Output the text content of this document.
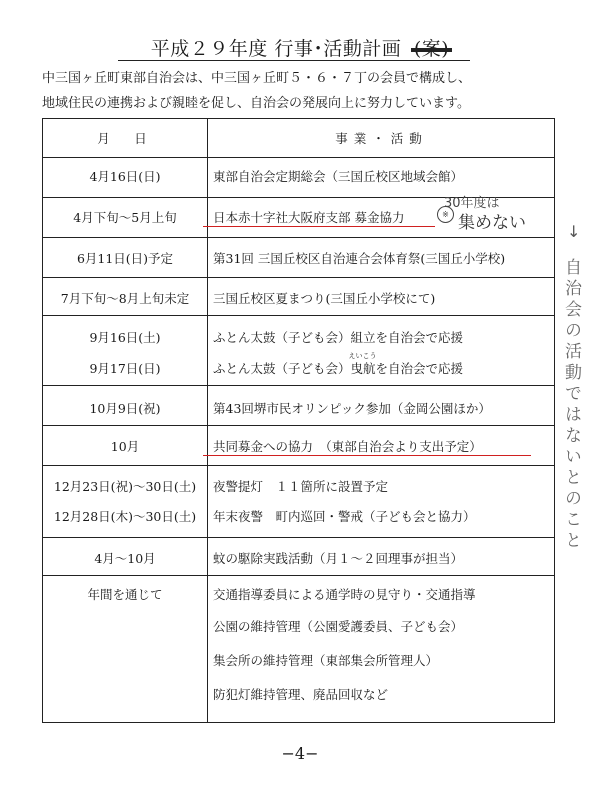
平成２９年度 行事･活動計画 (案)
中三国ヶ丘町東部自治会は、中三国ヶ丘町５・６・７丁の会員で構成し、
地域住民の連携および親睦を促し、自治会の発展向上に努力しています。
月　日	事業・活動
4月16日(日)	東部自治会定期総会（三国丘校区地域会館）
4月下旬～5月上旬	日本赤十字社大阪府支部 募金協力
6月11日(日)予定	第31回 三国丘校区自治連合会体育祭(三国丘小学校)
7月下旬～8月上旬未定	三国丘校区夏まつり(三国丘小学校にて)
9月16日(土)	ふとん太鼓（子ども会）組立を自治会で応援
9月17日(日)	ふとん太鼓（子ども会）
えいこう
曳航を自治会で応援
10月9日(祝)	第43回堺市民オリンピック参加（金岡公園ほか）
10月	共同募金への協力　（東部自治会より支出予定）
12月23日(祝)～30日(土)	夜警提灯　１１箇所に設置予定
12月28日(木)～30日(土)	年末夜警　町内巡回・警戒（子ども会と協力）
4月～10月	蚊の駆除実践活動（月１～２回理事が担当）
年間を通じて	交通指導委員による通学時の見守り・交通指導
公園の維持管理（公園愛護委員、子ども会）
集会所の維持管理（東部集会所管理人）
防犯灯維持管理、廃品回収など
※
30年度は
集めない	↓
自治会の活動ではないとのこと
−4−
